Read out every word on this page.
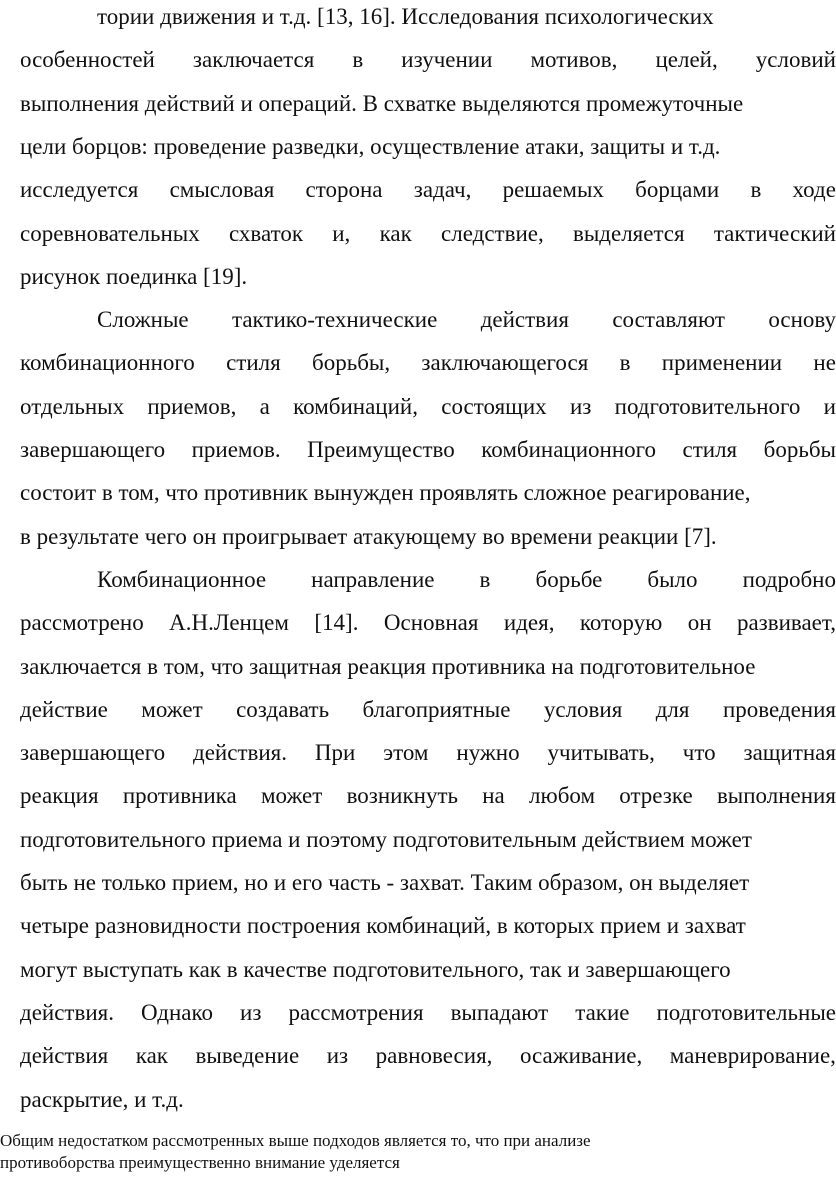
тории движения и т.д. [13, 16]. Исследования психологических
особенностей заключается в изучении мотивов, целей, условий
выполнения действий и операций. В схватке выделяются промежуточные
цели борцов: проведение разведки, осуществление атаки, защиты и т.д.
исследуется смысловая сторона задач, решаемых борцами в ходе
соревновательных схваток и, как следствие, выделяется тактический
рисунок поединка [19].
Сложные тактико-технические действия составляют основу
комбинационного стиля борьбы, заключающегося в применении не
отдельных приемов, а комбинаций, состоящих из подготовительного и
завершающего приемов. Преимущество комбинационного стиля борьбы
состоит в том, что противник вынужден проявлять сложное реагирование,
в результате чего он проигрывает атакующему во времени реакции [7].
Комбинационное направление в борьбе было подробно
рассмотрено А.Н.Ленцем [14]. Основная идея, которую он развивает,
заключается в том, что защитная реакция противника на подготовительное
действие может создавать благоприятные условия для проведения
завершающего действия. При этом нужно учитывать, что защитная
реакция противника может возникнуть на любом отрезке выполнения
подготовительного приема и поэтому подготовительным действием может
быть не только прием, но и его часть - захват. Таким образом, он выделяет
четыре разновидности построения комбинаций, в которых прием и захват
могут выступать как в качестве подготовительного, так и завершающего
действия. Однако из рассмотрения выпадают такие подготовительные
действия как выведение из равновесия, осаживание, маневрирование,
раскрытие, и т.д.
Общим недостатком рассмотренных выше подходов является то, что при анализе
противоборства преимущественно внимание уделяется
